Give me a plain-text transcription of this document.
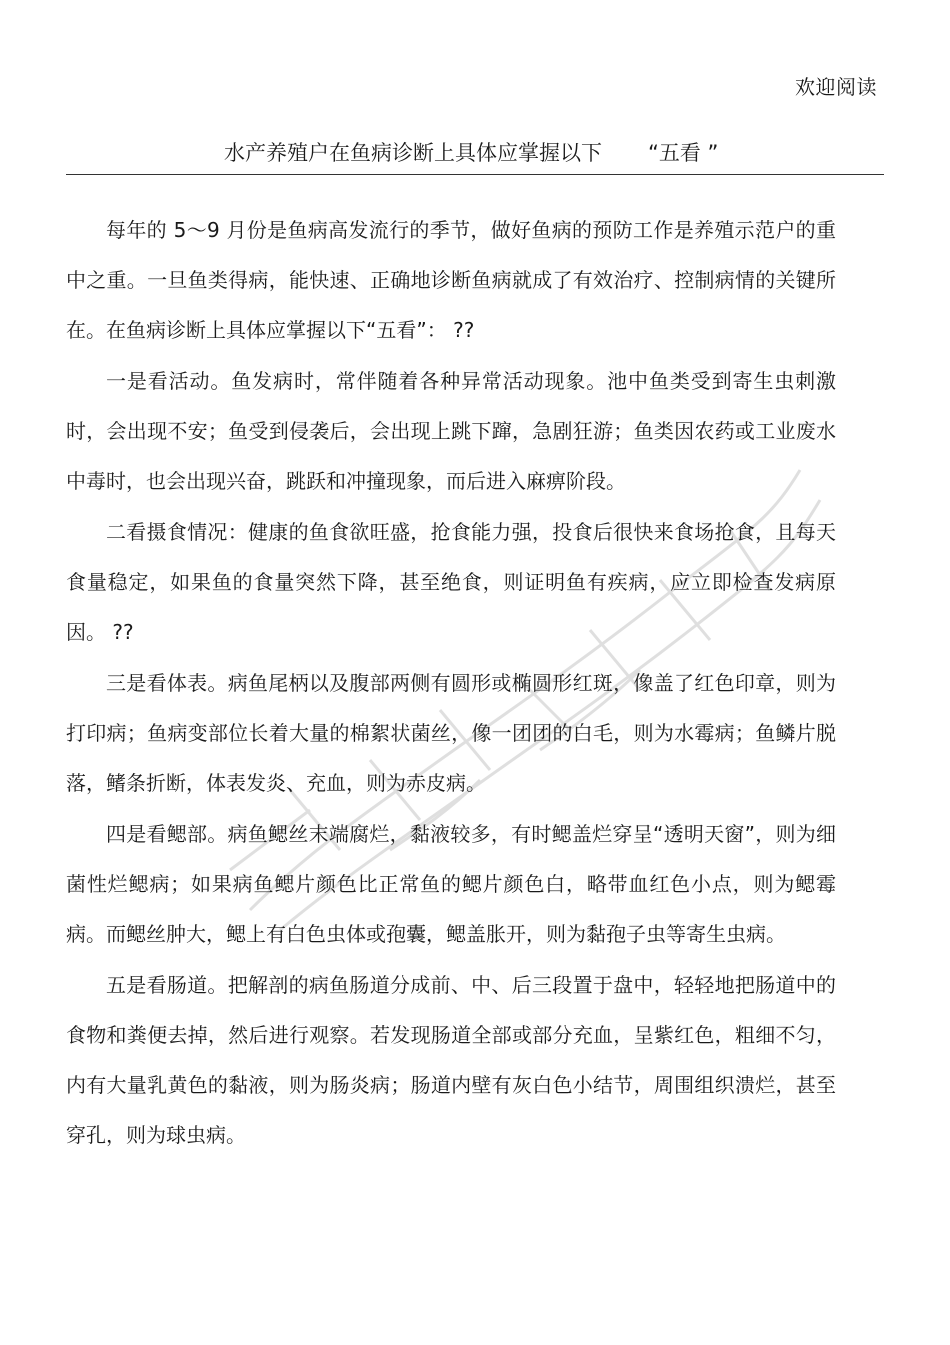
欢迎阅读
水产养殖户在鱼病诊断上具体应掌握以下 “五看 ”

每年的 5～9 月份是鱼病高发流行的季节，做好鱼病的预防工作是养殖示范户的重中之重。一旦鱼类得病，能快速、正确地诊断鱼病就成了有效治疗、控制病情的关键所在。在鱼病诊断上具体应掌握以下“五看”： ??

一是看活动。鱼发病时，常伴随着各种异常活动现象。池中鱼类受到寄生虫刺激时，会出现不安；鱼受到侵袭后，会出现上跳下蹿，急剧狂游；鱼类因农药或工业废水中毒时，也会出现兴奋，跳跃和冲撞现象，而后进入麻痹阶段。

二看摄食情况：健康的鱼食欲旺盛，抢食能力强，投食后很快来食场抢食，且每天食量稳定，如果鱼的食量突然下降，甚至绝食，则证明鱼有疾病，应立即检查发病原因。 ??

三是看体表。病鱼尾柄以及腹部两侧有圆形或椭圆形红斑，像盖了红色印章，则为打印病；鱼病变部位长着大量的棉絮状菌丝，像一团团的白毛，则为水霉病；鱼鳞片脱落，鳍条折断，体表发炎、充血，则为赤皮病。

四是看鳃部。病鱼鳃丝末端腐烂，黏液较多，有时鳃盖烂穿呈“透明天窗”，则为细菌性烂鳃病；如果病鱼鳃片颜色比正常鱼的鳃片颜色白，略带血红色小点，则为鳃霉病。而鳃丝肿大，鳃上有白色虫体或孢囊，鳃盖胀开，则为黏孢子虫等寄生虫病。

五是看肠道。把解剖的病鱼肠道分成前、中、后三段置于盘中，轻轻地把肠道中的食物和粪便去掉，然后进行观察。若发现肠道全部或部分充血，呈紫红色，粗细不匀，内有大量乳黄色的黏液，则为肠炎病；肠道内壁有灰白色小结节，周围组织溃烂，甚至穿孔，则为球虫病。
